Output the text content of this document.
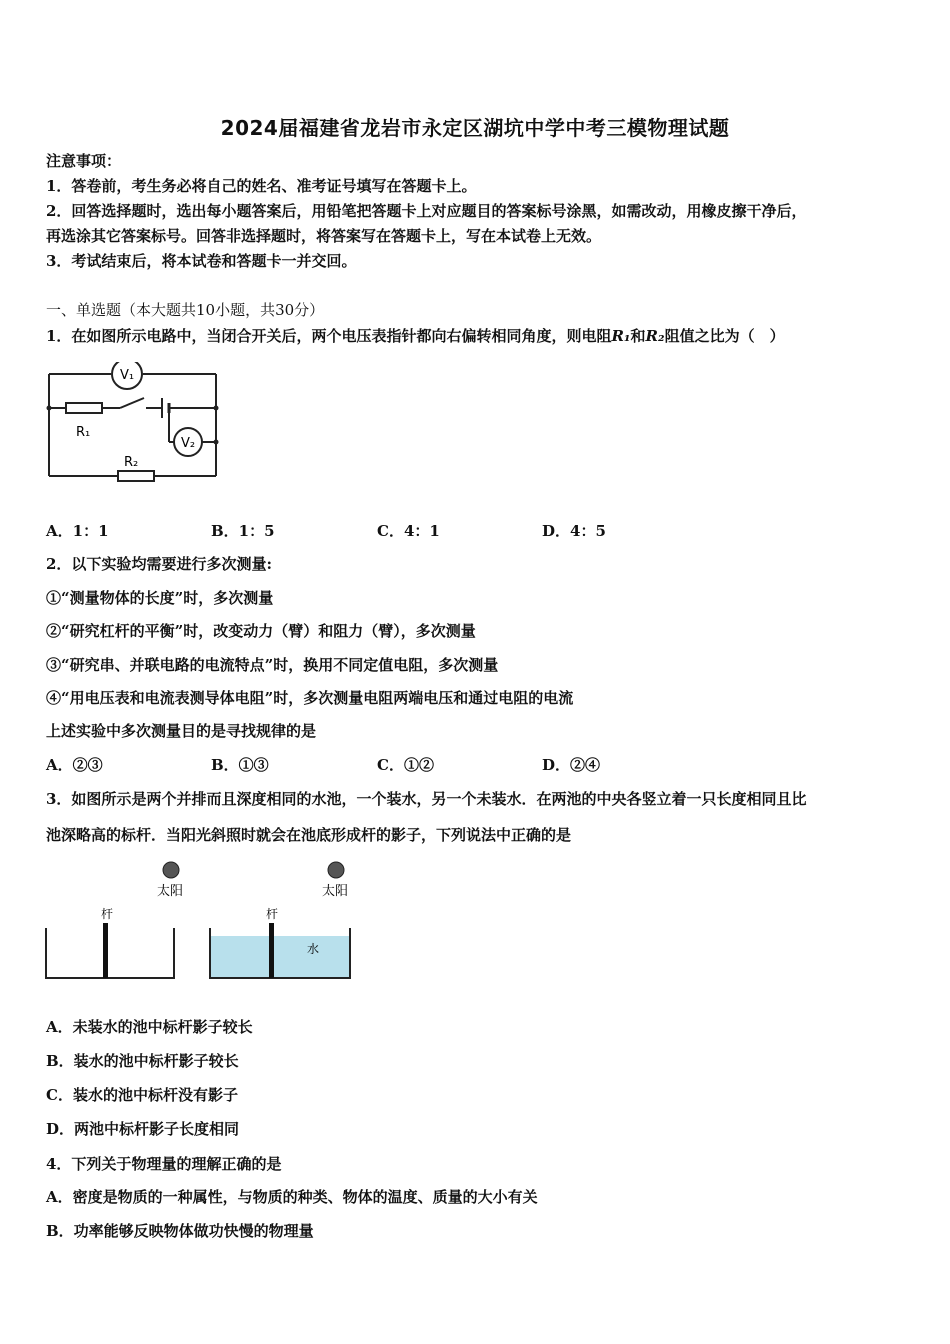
2024届福建省龙岩市永定区湖坑中学中考三模物理试题
注意事项：
1．答卷前，考生务必将自己的姓名、准考证号填写在答题卡上。
2．回答选择题时，选出每小题答案后，用铅笔把答题卡上对应题目的答案标号涂黑，如需改动，用橡皮擦干净后，
再选涂其它答案标号。回答非选择题时，将答案写在答题卡上，写在本试卷上无效。
3．考试结束后，将本试卷和答题卡一并交回。
一、单选题（本大题共10小题，共30分）
1．在如图所示电路中，当闭合开关后，两个电压表指针都向右偏转相同角度，则电阻R₁和R₂阻值之比为（　）
V₁
V₂
R₁
R₂
A．1：1	B．1：5	C．4：1	D．4：5
2．以下实验均需要进行多次测量:
①“测量物体的长度”时，多次测量
②“研究杠杆的平衡”时，改变动力（臂）和阻力（臂），多次测量
③“研究串、并联电路的电流特点”时，换用不同定值电阻，多次测量
④“用电压表和电流表测导体电阻”时，多次测量电阻两端电压和通过电阻的电流
上述实验中多次测量目的是寻找规律的是
A．②③	B．①③	C．①②	D．②④
3．如图所示是两个并排而且深度相同的水池，一个装水，另一个未装水．在两池的中央各竖立着一只长度相同且比
池深略高的标杆．当阳光斜照时就会在池底形成杆的影子，下列说法中正确的是
太阳	太阳
杆	杆
水
A．未装水的池中标杆影子较长
B．装水的池中标杆影子较长
C．装水的池中标杆没有影子
D．两池中标杆影子长度相同
4．下列关于物理量的理解正确的是
A．密度是物质的一种属性，与物质的种类、物体的温度、质量的大小有关
B．功率能够反映物体做功快慢的物理量
